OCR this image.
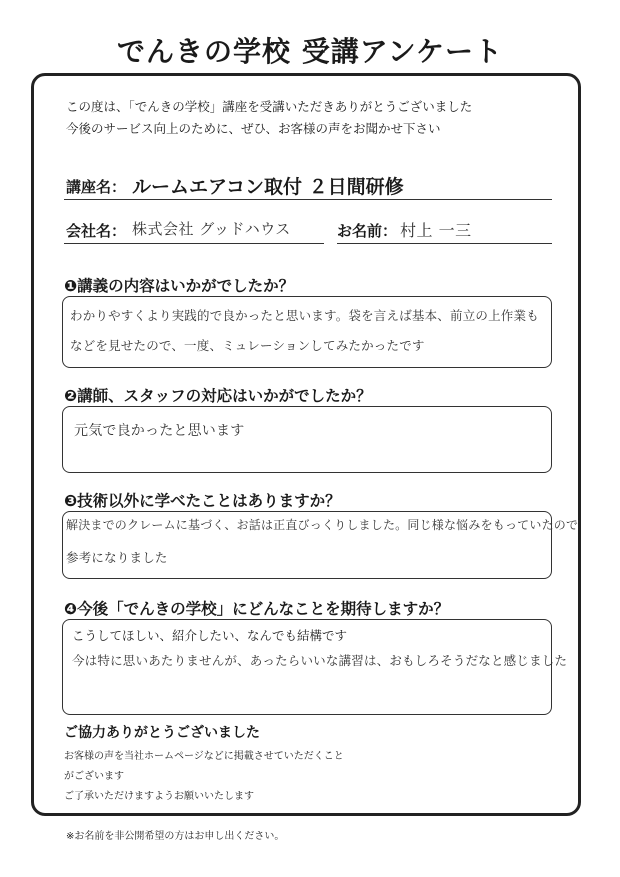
でんきの学校 受講アンケート
この度は、「でんきの学校」講座を受講いただきありがとうございました
今後のサービス向上のために、ぜひ、お客様の声をお聞かせ下さい
講座名： ルームエアコン取付 ２日間研修
会社名： 株式会社 グッドハウス	お名前： 村上 一三
❶講義の内容はいかがでしたか？
わかりやすくより実践的で良かったと思います。袋を言えば基本、前立の上作業も
などを見せたので、一度、ミュレーションしてみたかったです
❷講師、スタッフの対応はいかがでしたか？
元気で良かったと思います
❸技術以外に学べたことはありますか？
解決までのクレームに基づく、お話は正直びっくりしました。同じ様な悩みをもっていたので
参考になりました
❹今後「でんきの学校」にどんなことを期待しますか？
こうしてほしい、紹介したい、なんでも結構です
今は特に思いあたりませんが、あったらいいな講習は、おもしろそうだなと感じました
ご協力ありがとうございました
お客様の声を当社ホームページなどに掲載させていただくこと
がございます
ご了承いただけますようお願いいたします
※お名前を非公開希望の方はお申し出ください。
